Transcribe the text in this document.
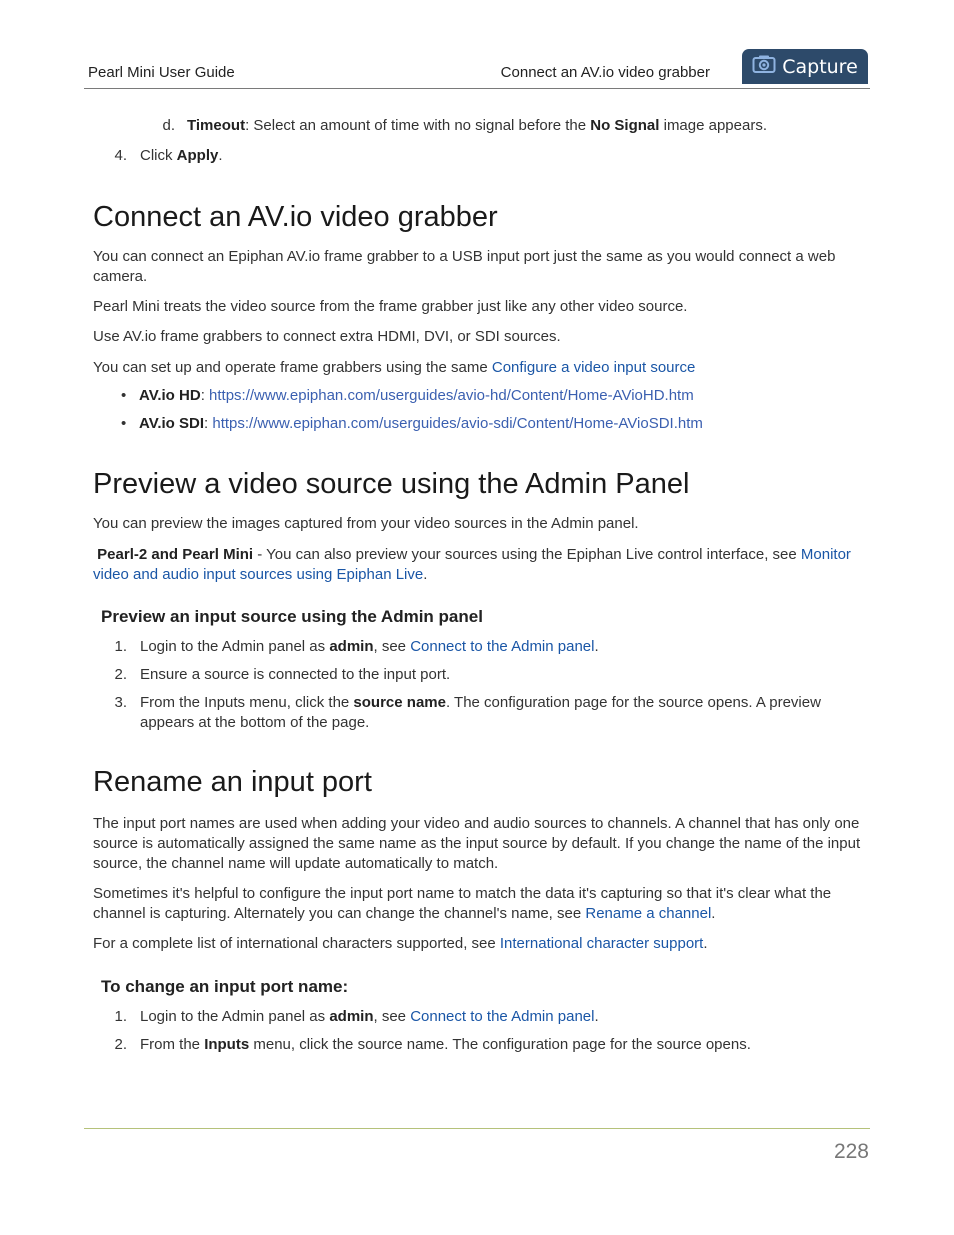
Pearl Mini User Guide	Connect an AV.io video grabber	Capture
d. Timeout: Select an amount of time with no signal before the No Signal image appears.
4. Click Apply.
Connect an AV.io video grabber

You can connect an Epiphan AV.io frame grabber to a USB input port just the same as you would connect a web camera.

Pearl Mini treats the video source from the frame grabber just like any other video source.

Use AV.io frame grabbers to connect extra HDMI, DVI, or SDI sources.

You can set up and operate frame grabbers using the same Configure a video input source

• AV.io HD: https://www.epiphan.com/userguides/avio-hd/Content/Home-AVioHD.htm
• AV.io SDI: https://www.epiphan.com/userguides/avio-sdi/Content/Home-AVioSDI.htm
Preview a video source using the Admin Panel

You can preview the images captured from your video sources in the Admin panel.

Pearl-2 and Pearl Mini - You can also preview your sources using the Epiphan Live control interface, see Monitor video and audio input sources using Epiphan Live.

Preview an input source using the Admin panel
1. Login to the Admin panel as admin, see Connect to the Admin panel.
2. Ensure a source is connected to the input port.
3. From the Inputs menu, click the source name. The configuration page for the source opens. A preview appears at the bottom of the page.
Rename an input port

The input port names are used when adding your video and audio sources to channels. A channel that has only one source is automatically assigned the same name as the input source by default. If you change the name of the input source, the channel name will update automatically to match.

Sometimes it's helpful to configure the input port name to match the data it's capturing so that it's clear what the channel is capturing. Alternately you can change the channel's name, see Rename a channel.

For a complete list of international characters supported, see International character support.

To change an input port name:
1. Login to the Admin panel as admin, see Connect to the Admin panel.
2. From the Inputs menu, click the source name. The configuration page for the source opens.
228
